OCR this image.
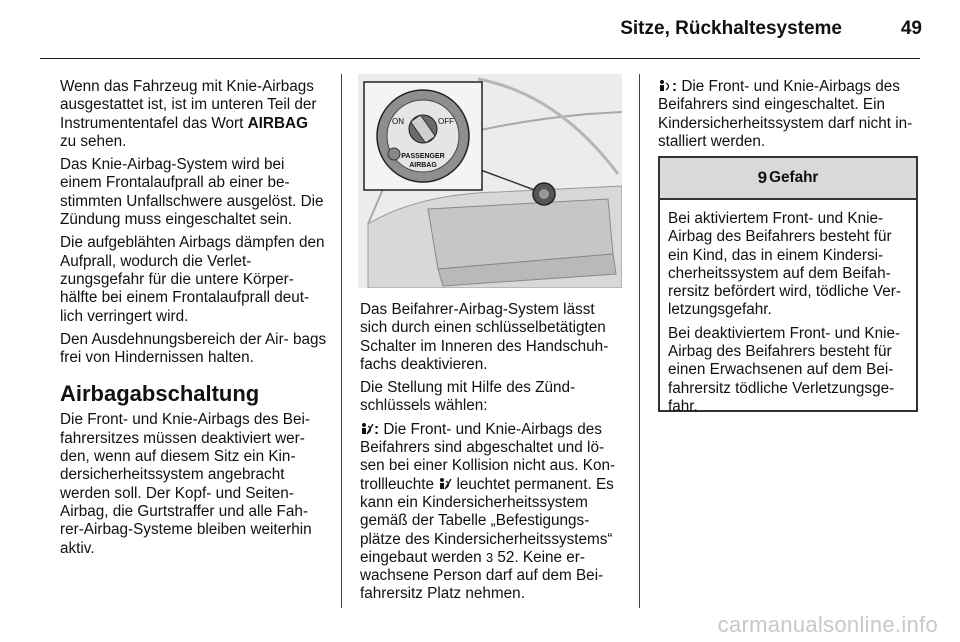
Sitze, Rückhaltesysteme	49

Wenn das Fahrzeug mit Knie-Airbags ausgestattet ist, ist im unteren Teil der Instrumententafel das Wort AIRBAG zu sehen.

Das Knie-Airbag-System wird bei einem Frontalaufprall ab einer be- stimmten Unfallschwere ausgelöst. Die Zündung muss eingeschaltet sein.

Die aufgeblähten Airbags dämpfen den Aufprall, wodurch die Verlet- zungsgefahr für die untere Körper- hälfte bei einem Frontalaufprall deut- lich verringert wird.

Den Ausdehnungsbereich der Air- bags frei von Hindernissen halten.

Airbagabschaltung

Die Front- und Knie-Airbags des Bei- fahrersitzes müssen deaktiviert wer- den, wenn auf diesem Sitz ein Kin- dersicherheitssystem angebracht werden soll. Der Kopf- und Seiten- Airbag, die Gurtstraffer und alle Fah- rer-Airbag-Systeme bleiben weiterhin aktiv.

ON	OFF
PASSENGER
AIRBAG

Das Beifahrer-Airbag-System lässt sich durch einen schlüsselbetätigten Schalter im Inneren des Handschuh- fachs deaktivieren.

Die Stellung mit Hilfe des Zünd- schlüssels wählen:

: Die Front- und Knie-Airbags des Beifahrers sind abgeschaltet und lö- sen bei einer Kollision nicht aus. Kon- trollleuchte  leuchtet permanent. Es kann ein Kindersicherheitssystem gemäß der Tabelle „Befestigungs- plätze des Kindersicherheitssystems“ eingebaut werden 3 52. Keine er- wachsene Person darf auf dem Bei- fahrersitz Platz nehmen.

: Die Front- und Knie-Airbags des Beifahrers sind eingeschaltet. Ein Kindersicherheitssystem darf nicht in- stalliert werden.

9 Gefahr

Bei aktiviertem Front- und Knie- Airbag des Beifahrers besteht für ein Kind, das in einem Kindersi- cherheitssystem auf dem Beifah- rersitz befördert wird, tödliche Ver- letzungsgefahr.

Bei deaktiviertem Front- und Knie- Airbag des Beifahrers besteht für einen Erwachsenen auf dem Bei- fahrersitz tödliche Verletzungsge- fahr.

carmanualsonline.info
